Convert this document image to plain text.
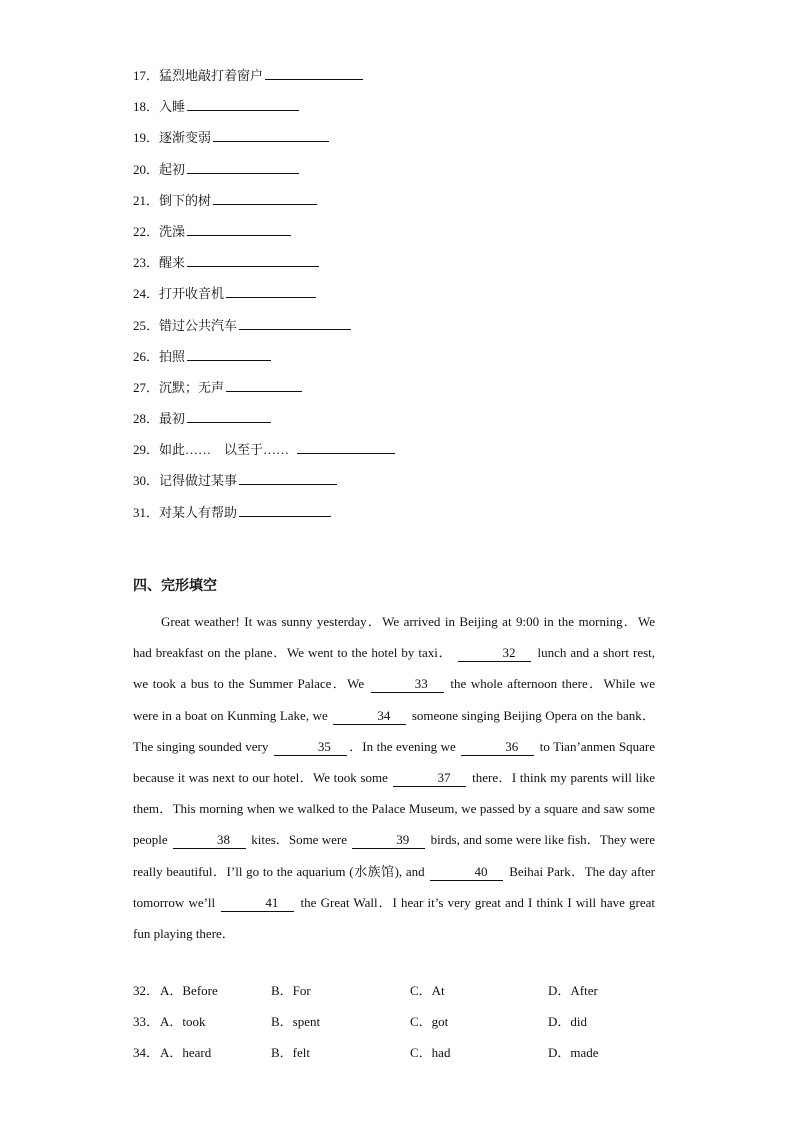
17．猛烈地敲打着窗户
18．入睡
19．逐渐变弱
20．起初
21．倒下的树
22．洗澡
23．醒来
24．打开收音机
25．错过公共汽车
26．拍照
27．沉默；无声
28．最初
29．如此……　以至于……
30．记得做过某事
31．对某人有帮助
四、完形填空

Great weather! It was sunny yesterday．We arrived in Beijing at 9:00 in the morning．We had breakfast on the plane．We went to the hotel by taxi．	32 lunch and a short rest, we took a bus to the Summer Palace．We	33 the whole afternoon there．While we were in a boat on Kunming Lake, we	34 someone singing Beijing Opera on the bank．The singing sounded very	35 ．In the evening we	36 to Tian’anmen Square because it was next to our hotel．We took some	37 there．I think my parents will like them．This morning when we walked to the Palace Museum, we passed by a square and saw some people	38 kites．Some were	39 birds, and some were like fish．They were really beautiful．I’ll go to the aquarium (水族馆), and	40 Beihai Park．The day after tomorrow we’ll	41 the Great Wall．I hear it’s very great and I think I will have great fun playing there．

32． A．Before	B．For	C．At	D．After
33． A．took	B．spent	C．got	D．did
34． A．heard	B．felt	C．had	D．made
